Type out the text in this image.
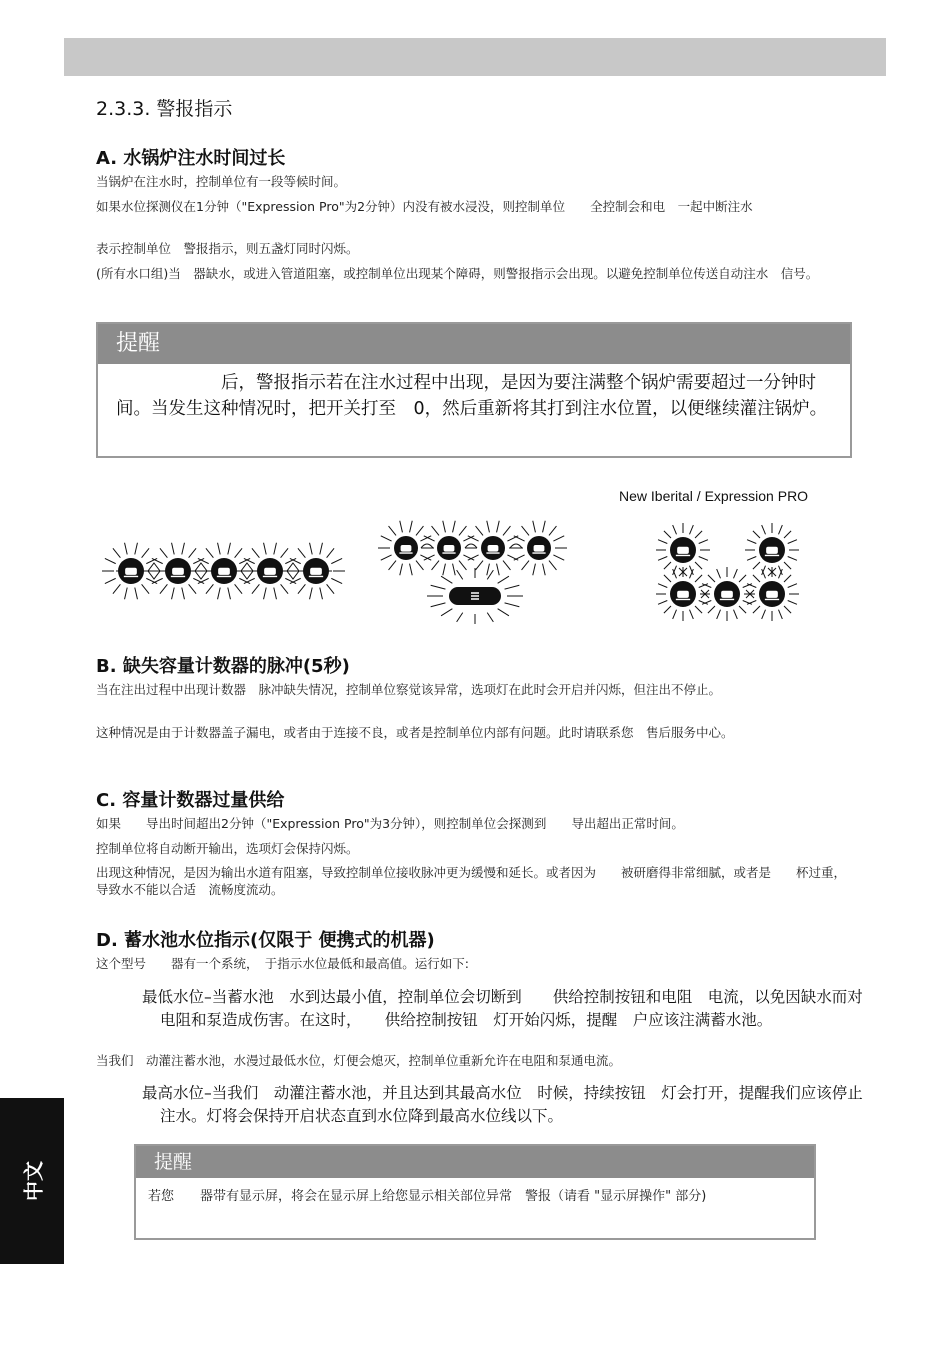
2.3.3. 警报指示
A. 水锅炉注水时间过长

当锅炉在注水时，控制单位有一段等候时间。

如果水位探测仪在1分钟（"Expression Pro"为2分钟）内没有被水浸没，则控制单位　　全控制会和电　一起中断注水

表示控制单位　警报指示，则五盏灯同时闪烁。

(所有水口组)当　器缺水，或进入管道阻塞，或控制单位出现某个障碍，则警报指示会出现。以避免控制单位传送自动注水　信号。

提醒
　　　　　　后，警报指示若在注水过程中出现，是因为要注满整个锅炉需要超过一分钟时间。当发生这种情况时，把开关打至　0，然后重新将其打到注水位置，以便继续灌注锅炉。
New Iberital / Expression PRO
B. 缺失容量计数器的脉冲(5秒)

当在注出过程中出现计数器　脉冲缺失情况，控制单位察觉该异常，选项灯在此时会开启并闪烁，但注出不停止。

这种情况是由于计数器盖子漏电，或者由于连接不良，或者是控制单位内部有问题。此时请联系您　售后服务中心。

C. 容量计数器过量供给

如果　　导出时间超出2分钟（"Expression Pro"为3分钟），则控制单位会探测到　　导出超出正常时间。

控制单位将自动断开输出，选项灯会保持闪烁。

出现这种情况，是因为输出水道有阻塞，导致控制单位接收脉冲更为缓慢和延长。或者因为　　被研磨得非常细腻，或者是　　杯过重，导致水不能以合适　流畅度流动。

D. 蓄水池水位指示(仅限于 便携式的机器)

这个型号　　器有一个系统，　于指示水位最低和最高值。运行如下:

最低水位–当蓄水池　水到达最小值，控制单位会切断到　　供给控制按钮和电阻　电流，以免因缺水而对电阻和泵造成伤害。在这时，　　供给控制按钮　灯开始闪烁，提醒　户应该注满蓄水池。

当我们　动灌注蓄水池，水漫过最低水位，灯便会熄灭，控制单位重新允许在电阻和泵通电流。

最高水位–当我们　动灌注蓄水池，并且达到其最高水位　时候，持续按钮　灯会打开，提醒我们应该停止注水。灯将会保持开启状态直到水位降到最高水位线以下。

提醒
若您　　器带有显示屏，将会在显示屏上给您显示相关部位异常　警报（请看 "显示屏操作" 部分)
中文
